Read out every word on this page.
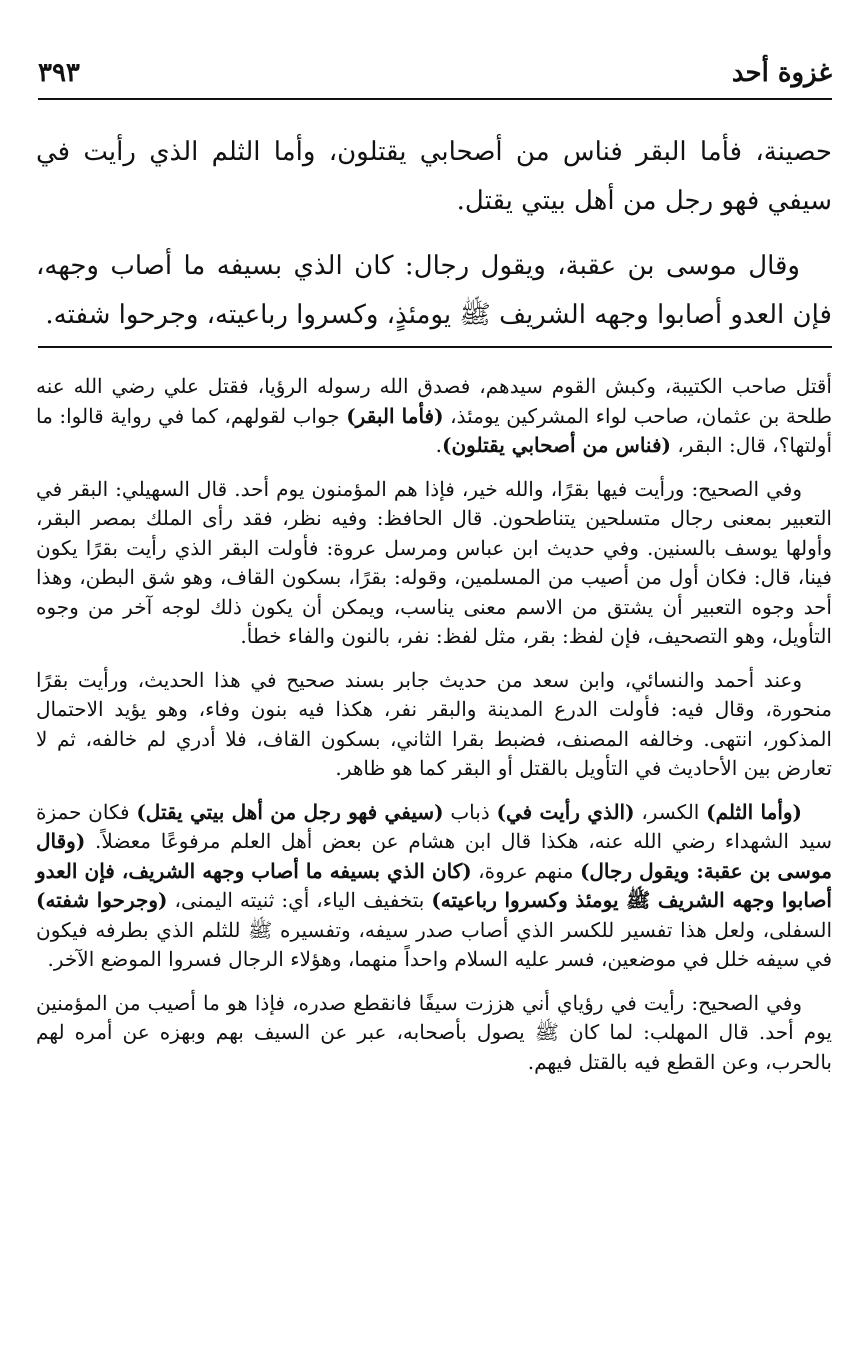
غزوة أحد
٣٩٣

حصينة، فأما البقر فناس من أصحابي يقتلون، وأما الثلم الذي رأيت في سيفي فهو رجل من أهل بيتي يقتل.

وقال موسى بن عقبة، ويقول رجال: كان الذي بسيفه ما أصاب وجهه، فإن العدو أصابوا وجهه الشريف ﷺ يومئذٍ، وكسروا رباعيته، وجرحوا شفته.

أقتل صاحب الكتيبة، وكبش القوم سيدهم، فصدق الله رسوله الرؤيا، فقتل علي رضي الله عنه طلحة بن عثمان، صاحب لواء المشركين يومئذ، (فأما البقر) جواب لقولهم، كما في رواية قالوا: ما أولتها؟، قال: البقر، (فناس من أصحابي يقتلون).

وفي الصحيح: ورأيت فيها بقرًا، والله خير، فإذا هم المؤمنون يوم أحد. قال السهيلي: البقر في التعبير بمعنى رجال متسلحين يتناطحون. قال الحافظ: وفيه نظر، فقد رأى الملك بمصر البقر، وأولها يوسف بالسنين. وفي حديث ابن عباس ومرسل عروة: فأولت البقر الذي رأيت بقرًا يكون فينا، قال: فكان أول من أصيب من المسلمين، وقوله: بقرًا، بسكون القاف، وهو شق البطن، وهذا أحد وجوه التعبير أن يشتق من الاسم معنى يناسب، ويمكن أن يكون ذلك لوجه آخر من وجوه التأويل، وهو التصحيف، فإن لفظ: بقر، مثل لفظ: نفر، بالنون والفاء خطأ.

وعند أحمد والنسائي، وابن سعد من حديث جابر بسند صحيح في هذا الحديث، ورأيت بقرًا منحورة، وقال فيه: فأولت الدرع المدينة والبقر نفر، هكذا فيه بنون وفاء، وهو يؤيد الاحتمال المذكور، انتهى. وخالفه المصنف، فضبط بقرا الثاني، بسكون القاف، فلا أدري لم خالفه، ثم لا تعارض بين الأحاديث في التأويل بالقتل أو البقر كما هو ظاهر.

(وأما الثلم) الكسر، (الذي رأيت في) ذباب (سيفي فهو رجل من أهل بيتي يقتل) فكان حمزة سيد الشهداء رضي الله عنه، هكذا قال ابن هشام عن بعض أهل العلم مرفوعًا معضلاً. (وقال موسى بن عقبة: ويقول رجال) منهم عروة، (كان الذي بسيفه ما أصاب وجهه الشريف، فإن العدو أصابوا وجهه الشريف ﷺ يومئذ وكسروا رباعيته) بتخفيف الياء، أي: ثنيته اليمنى، (وجرحوا شفته) السفلى، ولعل هذا تفسير للكسر الذي أصاب صدر سيفه، وتفسيره ﷺ للثلم الذي بطرفه فيكون في سيفه خلل في موضعين، فسر عليه السلام واحداً منهما، وهؤلاء الرجال فسروا الموضع الآخر.

وفي الصحيح: رأيت في رؤياي أني هززت سيفًا فانقطع صدره، فإذا هو ما أصيب من المؤمنين يوم أحد. قال المهلب: لما كان ﷺ يصول بأصحابه، عبر عن السيف بهم وبهزه عن أمره لهم بالحرب، وعن القطع فيه بالقتل فيهم.
